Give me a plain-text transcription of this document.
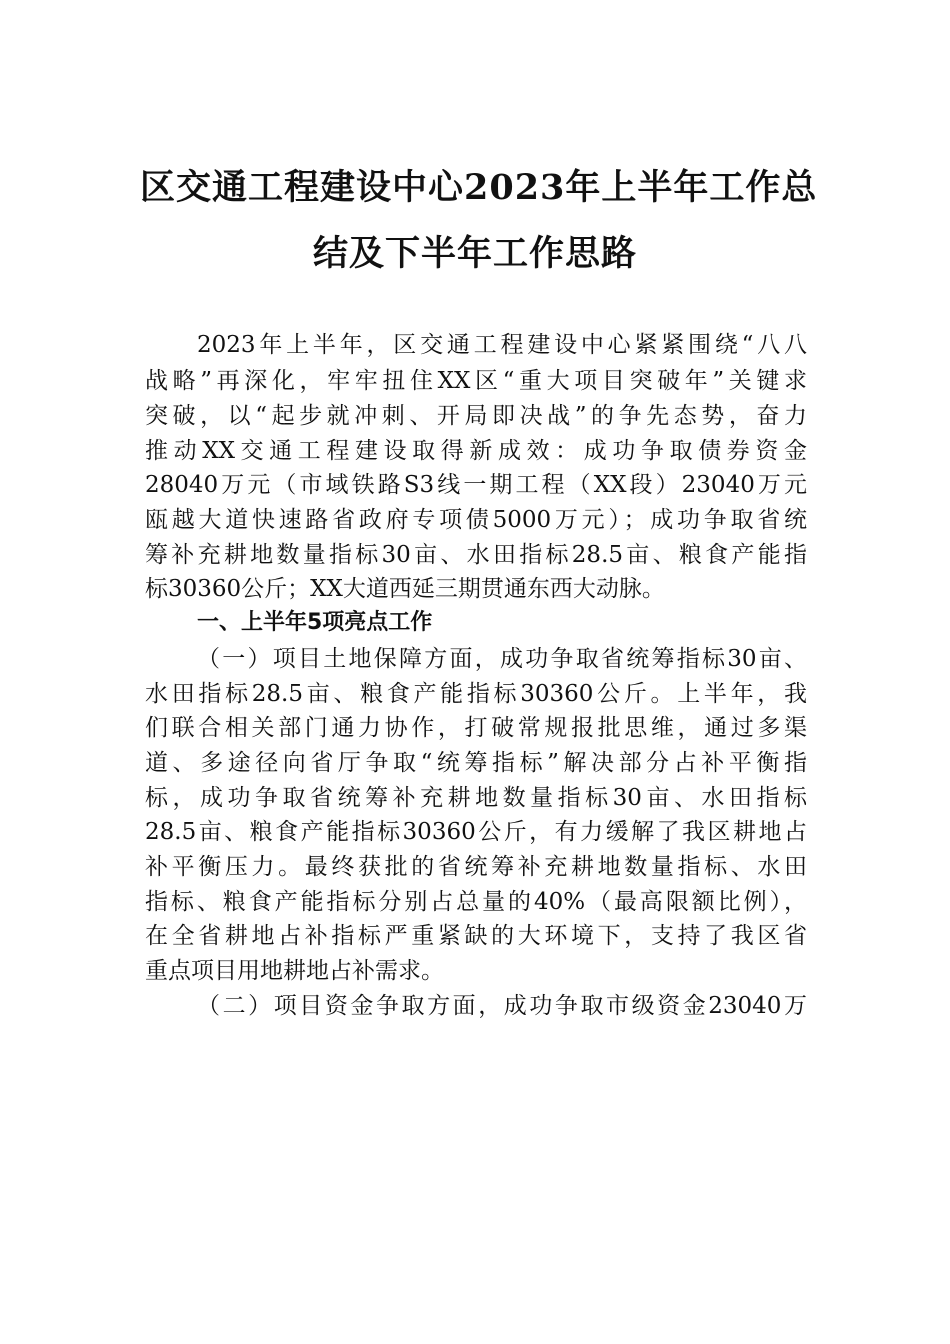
区交通工程建设中心2023年上半年工作总
结及下半年工作思路
2023年上半年，区交通工程建设中心紧紧围绕“八八
战略”再深化，牢牢扭住XX区“重大项目突破年”关键求
突破，以“起步就冲刺、开局即决战”的争先态势，奋力
推动XX交通工程建设取得新成效：成功争取债券资金
28040万元（市域铁路S3线一期工程（XX段）23040万元
瓯越大道快速路省政府专项债5000万元）；成功争取省统
筹补充耕地数量指标30亩、水田指标28.5亩、粮食产能指
标30360公斤；XX大道西延三期贯通东西大动脉。
一、上半年5项亮点工作
（一）项目土地保障方面，成功争取省统筹指标30亩、
水田指标28.5亩、粮食产能指标30360公斤。上半年，我
们联合相关部门通力协作，打破常规报批思维，通过多渠
道、多途径向省厅争取“统筹指标”解决部分占补平衡指
标，成功争取省统筹补充耕地数量指标30亩、水田指标
28.5亩、粮食产能指标30360公斤，有力缓解了我区耕地占
补平衡压力。最终获批的省统筹补充耕地数量指标、水田
指标、粮食产能指标分别占总量的40%（最高限额比例），
在全省耕地占补指标严重紧缺的大环境下，支持了我区省
重点项目用地耕地占补需求。
（二）项目资金争取方面，成功争取市级资金23040万
